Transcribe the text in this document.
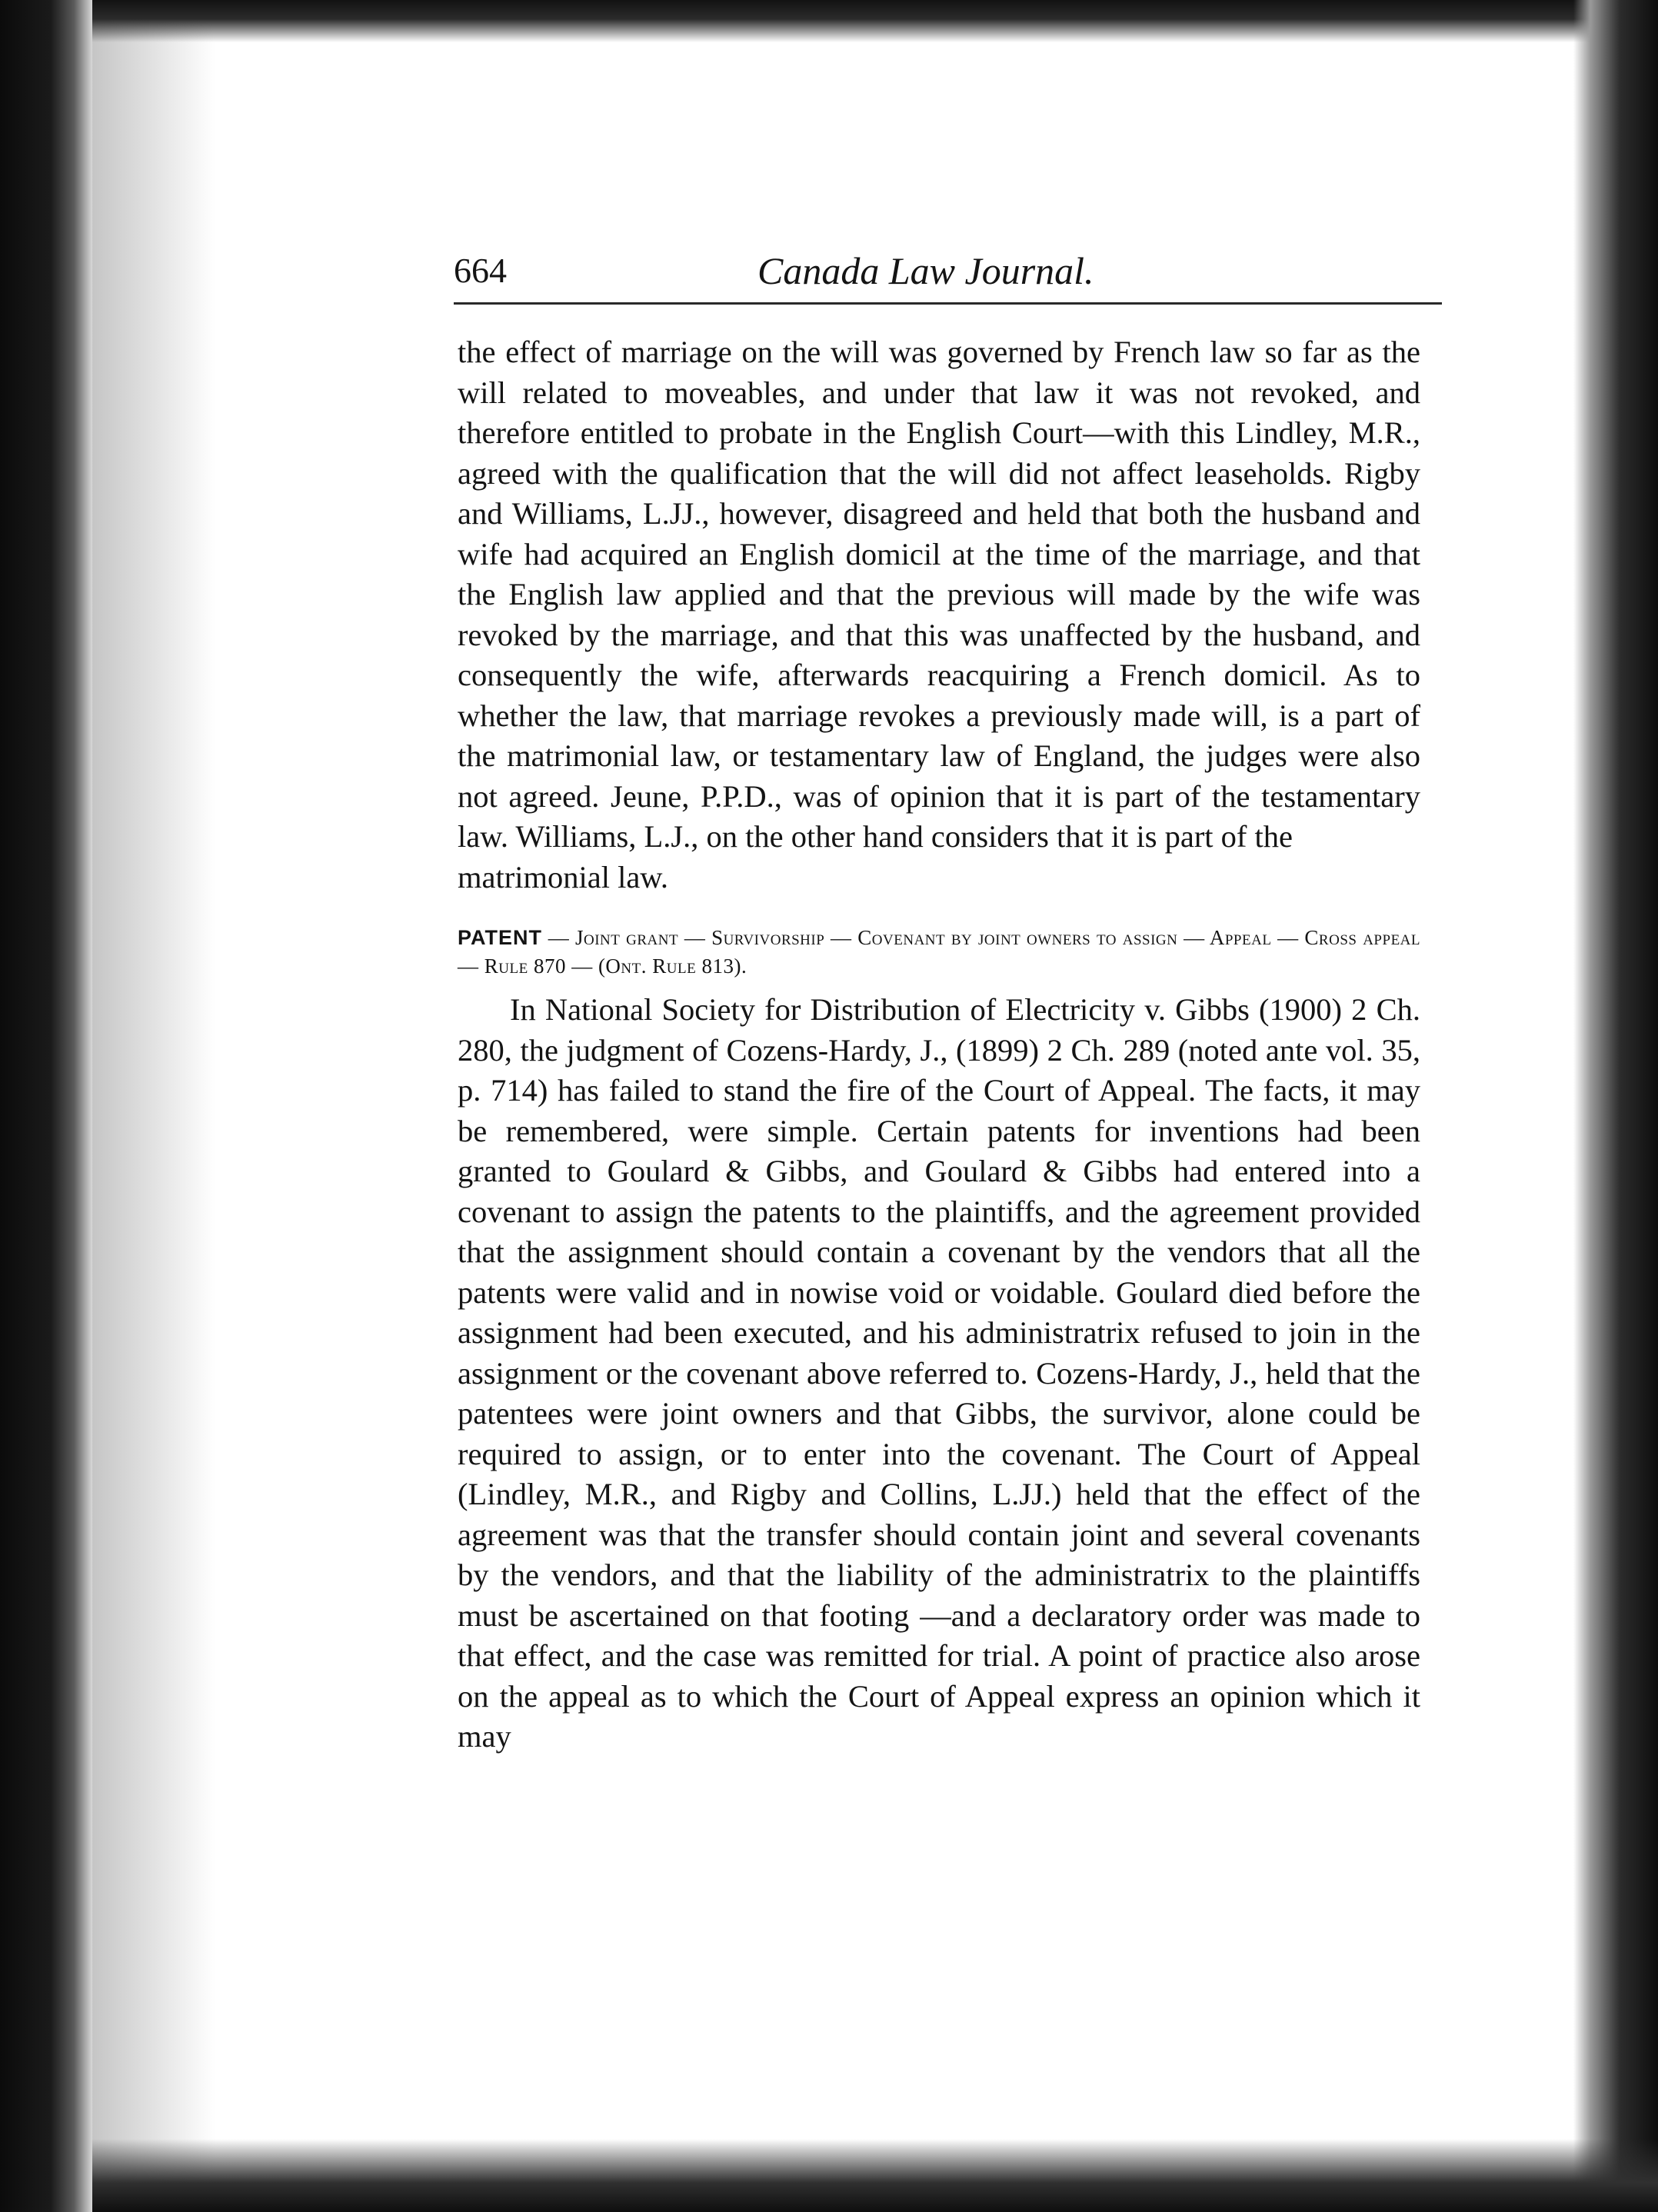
664	Canada Law Journal.

the effect of marriage on the will was governed by French law so far as the will related to moveables, and under that law it was not revoked, and therefore entitled to probate in the English Court—with this Lindley, M.R., agreed with the qualification that the will did not affect leaseholds. Rigby and Williams, L.JJ., however, disagreed and held that both the husband and wife had acquired an English domicil at the time of the marriage, and that the English law applied and that the previous will made by the wife was revoked by the marriage, and that this was unaffected by the husband, and consequently the wife, afterwards reacquiring a French domicil. As to whether the law, that marriage revokes a previously made will, is a part of the matrimonial law, or testamentary law of England, the judges were also not agreed. Jeune, P.P.D., was of opinion that it is part of the testamentary law. Williams, L.J., on the other hand considers that it is part of the

matrimonial law.

PATENT — Joint grant — Survivorship — Covenant by joint owners to assign — Appeal — Cross appeal — Rule 870 — (Ont. Rule 813).

In National Society for Distribution of Electricity v. Gibbs (1900) 2 Ch. 280, the judgment of Cozens-Hardy, J., (1899) 2 Ch. 289 (noted ante vol. 35, p. 714) has failed to stand the fire of the Court of Appeal. The facts, it may be remembered, were simple. Certain patents for inventions had been granted to Goulard & Gibbs, and Goulard & Gibbs had entered into a covenant to assign the patents to the plaintiffs, and the agreement provided that the assignment should contain a covenant by the vendors that all the patents were valid and in nowise void or voidable. Goulard died before the assignment had been executed, and his administratrix refused to join in the assignment or the covenant above referred to. Cozens-Hardy, J., held that the patentees were joint owners and that Gibbs, the survivor, alone could be required to assign, or to enter into the covenant. The Court of Appeal (Lindley, M.R., and Rigby and Collins, L.JJ.) held that the effect of the agreement was that the transfer should contain joint and several covenants by the vendors, and that the liability of the administratrix to the plaintiffs must be ascertained on that footing —and a declaratory order was made to that effect, and the case was remitted for trial. A point of practice also arose on the appeal as to which the Court of Appeal express an opinion which it may
